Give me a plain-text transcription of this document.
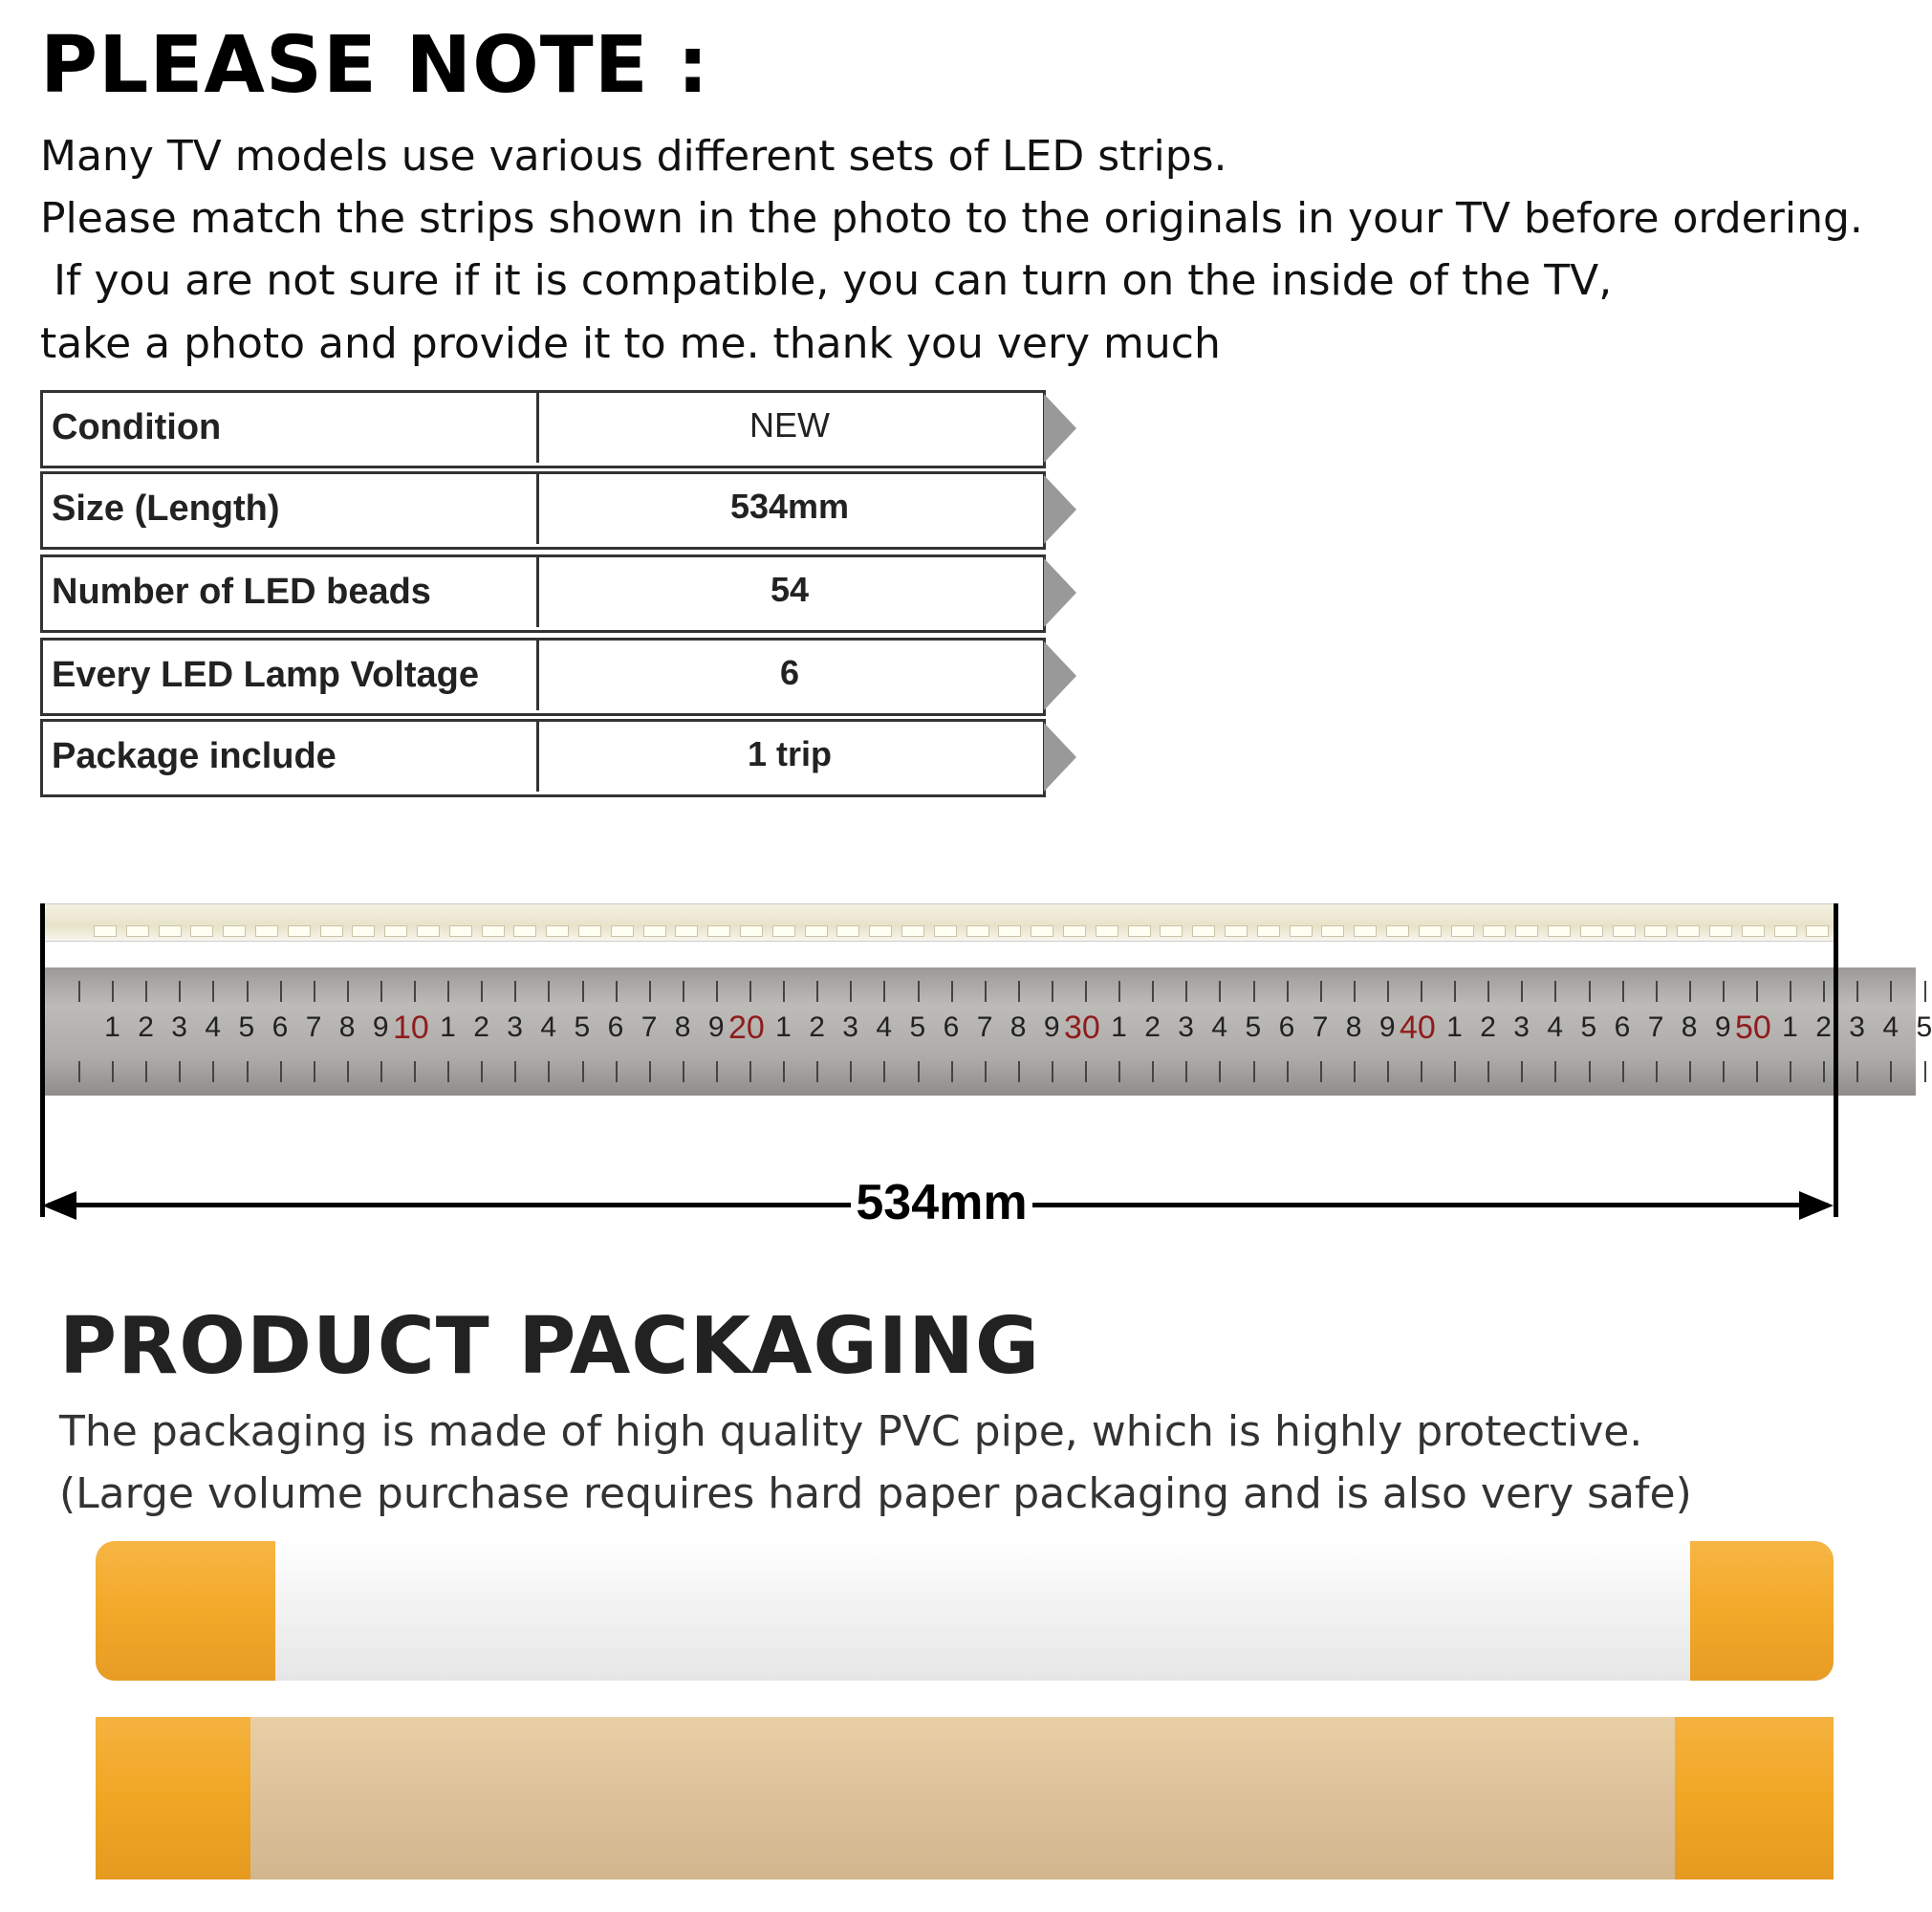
PLEASE NOTE :
Many TV models use various different sets of LED strips.
Please match the strips shown in the photo to the originals in your TV before ordering.
If you are not sure if it is compatible, you can turn on the inside of the TV,
take a photo and provide it to me. thank you very much
Condition	NEW
Size (Length)	534mm
Number of LED beads	54
Every LED Lamp Voltage	6
Package include	1 trip
1 2 3 4 5 6 7 8 9 10 1 2 3 4 5 6 7 8 9 20 1 2 3 4 5 6 7 8 9 30 1 2 3 4 5 6 7 8 9 40 1 2 3 4 5 6 7 8 9 50 1 2 3 4 5
534mm
PRODUCT PACKAGING
The packaging is made of high quality PVC pipe, which is highly protective.
(Large volume purchase requires hard paper packaging and is also very safe)
